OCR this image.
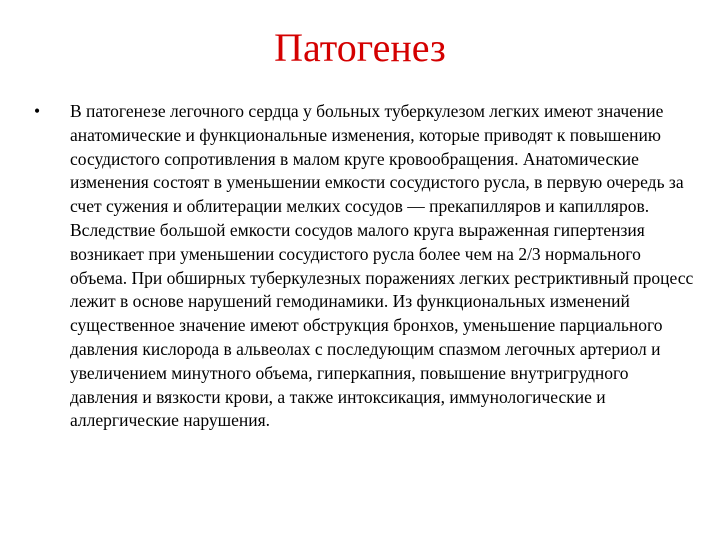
Патогенез
• В патогенезе легочного сердца у больных туберкулезом легких имеют значение анатомические и функциональные изменения, которые приводят к повышению сосудистого сопротивления в малом круге кровообращения. Анатомические изменения состоят в уменьшении емкости сосудистого русла, в первую очередь за счет сужения и облитерации мелких сосудов — прекапилляров и капилляров. Вследствие большой емкости сосудов малого круга выраженная гипертензия возникает при уменьшении сосудистого русла более чем на 2/3 нормального объема. При обширных туберкулезных поражениях легких рестриктивный процесс лежит в основе нарушений гемодинамики. Из функциональных изменений существенное значение имеют обструкция бронхов, уменьшение парциального давления кислорода в альвеолах с последующим спазмом легочных артериол и увеличением минутного объема, гиперкапния, повышение внутригрудного давления и вязкости крови, а также интоксикация, иммунологические и аллергические нарушения.
